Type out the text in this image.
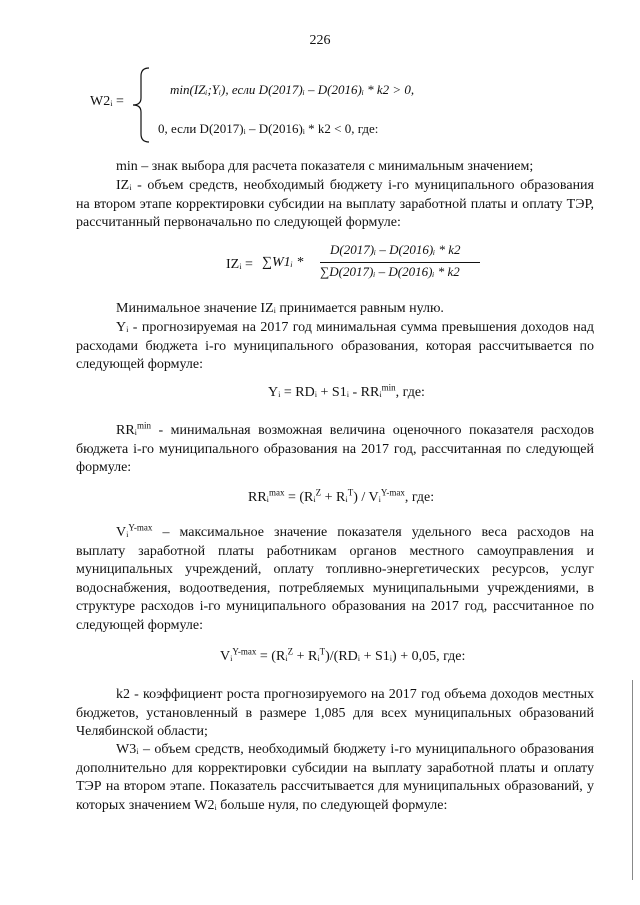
226
W2ᵢ =
min(IZᵢ;Yᵢ), если D(2017)ᵢ – D(2016)ᵢ * k2 > 0,
0, если D(2017)ᵢ – D(2016)ᵢ * k2 < 0, где:

min – знак выбора для расчета показателя с минимальным значением;

IZᵢ - объем средств, необходимый бюджету i-го муниципального образования на втором этапе корректировки субсидии на выплату заработной платы и оплату ТЭР, рассчитанный первоначально по следующей формуле:

IZᵢ = ∑W1ᵢ *
D(2017)ᵢ – D(2016)ᵢ * k2
∑D(2017)ᵢ – D(2016)ᵢ * k2

Минимальное значение IZᵢ принимается равным нулю.

Yᵢ - прогнозируемая на 2017 год минимальная сумма превышения доходов над расходами бюджета i-го муниципального образования, которая рассчитывается по следующей формуле:

Yᵢ = RDᵢ + S1ᵢ - RRᵢ$^{min}$, где:

RRᵢ$^{min}$ - минимальная возможная величина оценочного показателя расходов бюджета i-го муниципального образования на 2017 год, рассчитанная по следующей формуле:

RRᵢ$^{max}$ = (Rᵢ$^Z$ + Rᵢ$^T$) / Vᵢ$^{Y-max}$, где:

Vᵢ$^{Y-max}$ – максимальное значение показателя удельного веса расходов на выплату заработной платы работникам органов местного самоуправления и муниципальных учреждений, оплату топливно-энергетических ресурсов, услуг водоснабжения, водоотведения, потребляемых муниципальными учреждениями, в структуре расходов i-го муниципального образования на 2017 год, рассчитанное по следующей формуле:

Vᵢ$^{Y-max}$ = (Rᵢ$^Z$ + Rᵢ$^T$)/(RDᵢ + S1ᵢ) + 0,05, где:

k2 - коэффициент роста прогнозируемого на 2017 год объема доходов местных бюджетов, установленный в размере 1,085 для всех муниципальных образований Челябинской области;

W3ᵢ – объем средств, необходимый бюджету i-го муниципального образования дополнительно для корректировки субсидии на выплату заработной платы и оплату ТЭР на втором этапе. Показатель рассчитывается для муниципальных образований, у которых значением W2ᵢ больше нуля, по следующей формуле:
